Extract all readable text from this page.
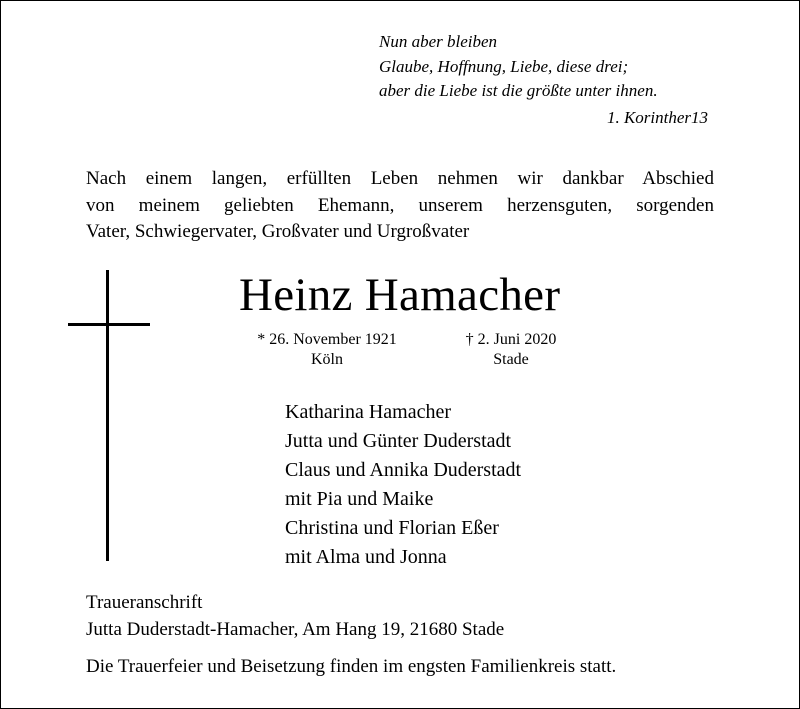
Nun aber bleiben
Glaube, Hoffnung, Liebe, diese drei;
aber die Liebe ist die größte unter ihnen.
1. Korinther13
Nach einem langen, erfüllten Leben nehmen wir dankbar Abschied
von meinem geliebten Ehemann, unserem herzensguten, sorgenden
Vater, Schwiegervater, Großvater und Urgroßvater
Heinz Hamacher
* 26. November 1921
Köln
† 2. Juni 2020
Stade
Katharina Hamacher
Jutta und Günter Duderstadt
Claus und Annika Duderstadt
mit Pia und Maike
Christina und Florian Eßer
mit Alma und Jonna
Traueranschrift
Jutta Duderstadt-Hamacher, Am Hang 19, 21680 Stade
Die Trauerfeier und Beisetzung finden im engsten Familienkreis statt.
